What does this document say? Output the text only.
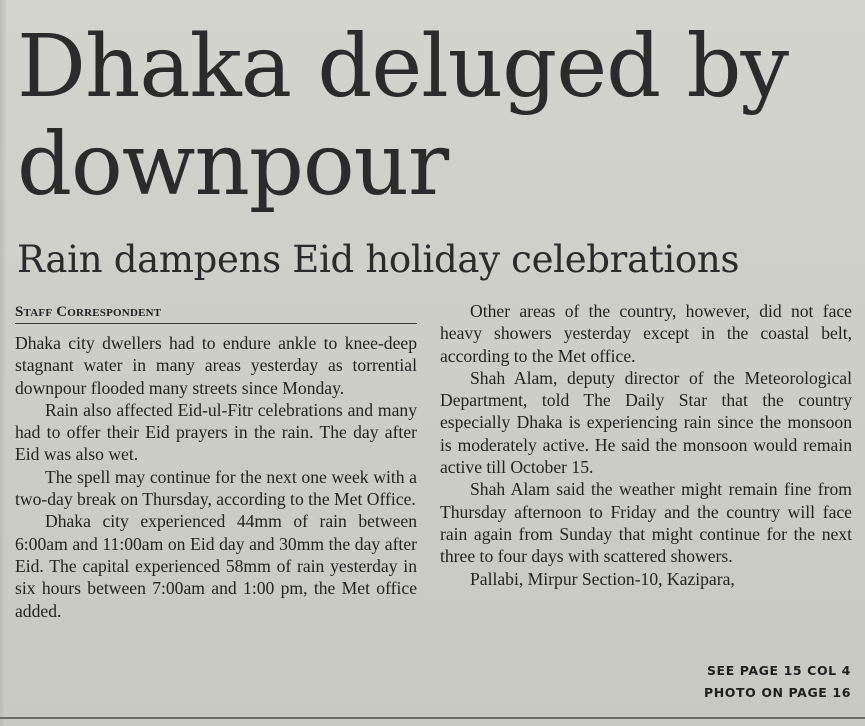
Dhaka deluged by downpour
Rain dampens Eid holiday celebrations
Staff Correspondent

Dhaka city dwellers had to endure ankle to knee-deep stagnant water in many areas yesterday as torrential downpour flooded many streets since Monday.

Rain also affected Eid-ul-Fitr celebrations and many had to offer their Eid prayers in the rain. The day after Eid was also wet.

The spell may continue for the next one week with a two-day break on Thursday, according to the Met Office.

Dhaka city experienced 44mm of rain between 6:00am and 11:00am on Eid day and 30mm the day after Eid. The capital experienced 58mm of rain yesterday in six hours between 7:00am and 1:00 pm, the Met office added.

Other areas of the country, however, did not face heavy showers yesterday except in the coastal belt, according to the Met office.

Shah Alam, deputy director of the Meteorological Department, told The Daily Star that the country especially Dhaka is experiencing rain since the monsoon is moderately active. He said the monsoon would remain active till October 15.

Shah Alam said the weather might remain fine from Thursday afternoon to Friday and the country will face rain again from Sunday that might continue for the next three to four days with scattered showers.

Pallabi, Mirpur Section-10, Kazipara,

SEE PAGE 15 COL 4
PHOTO ON PAGE 16
